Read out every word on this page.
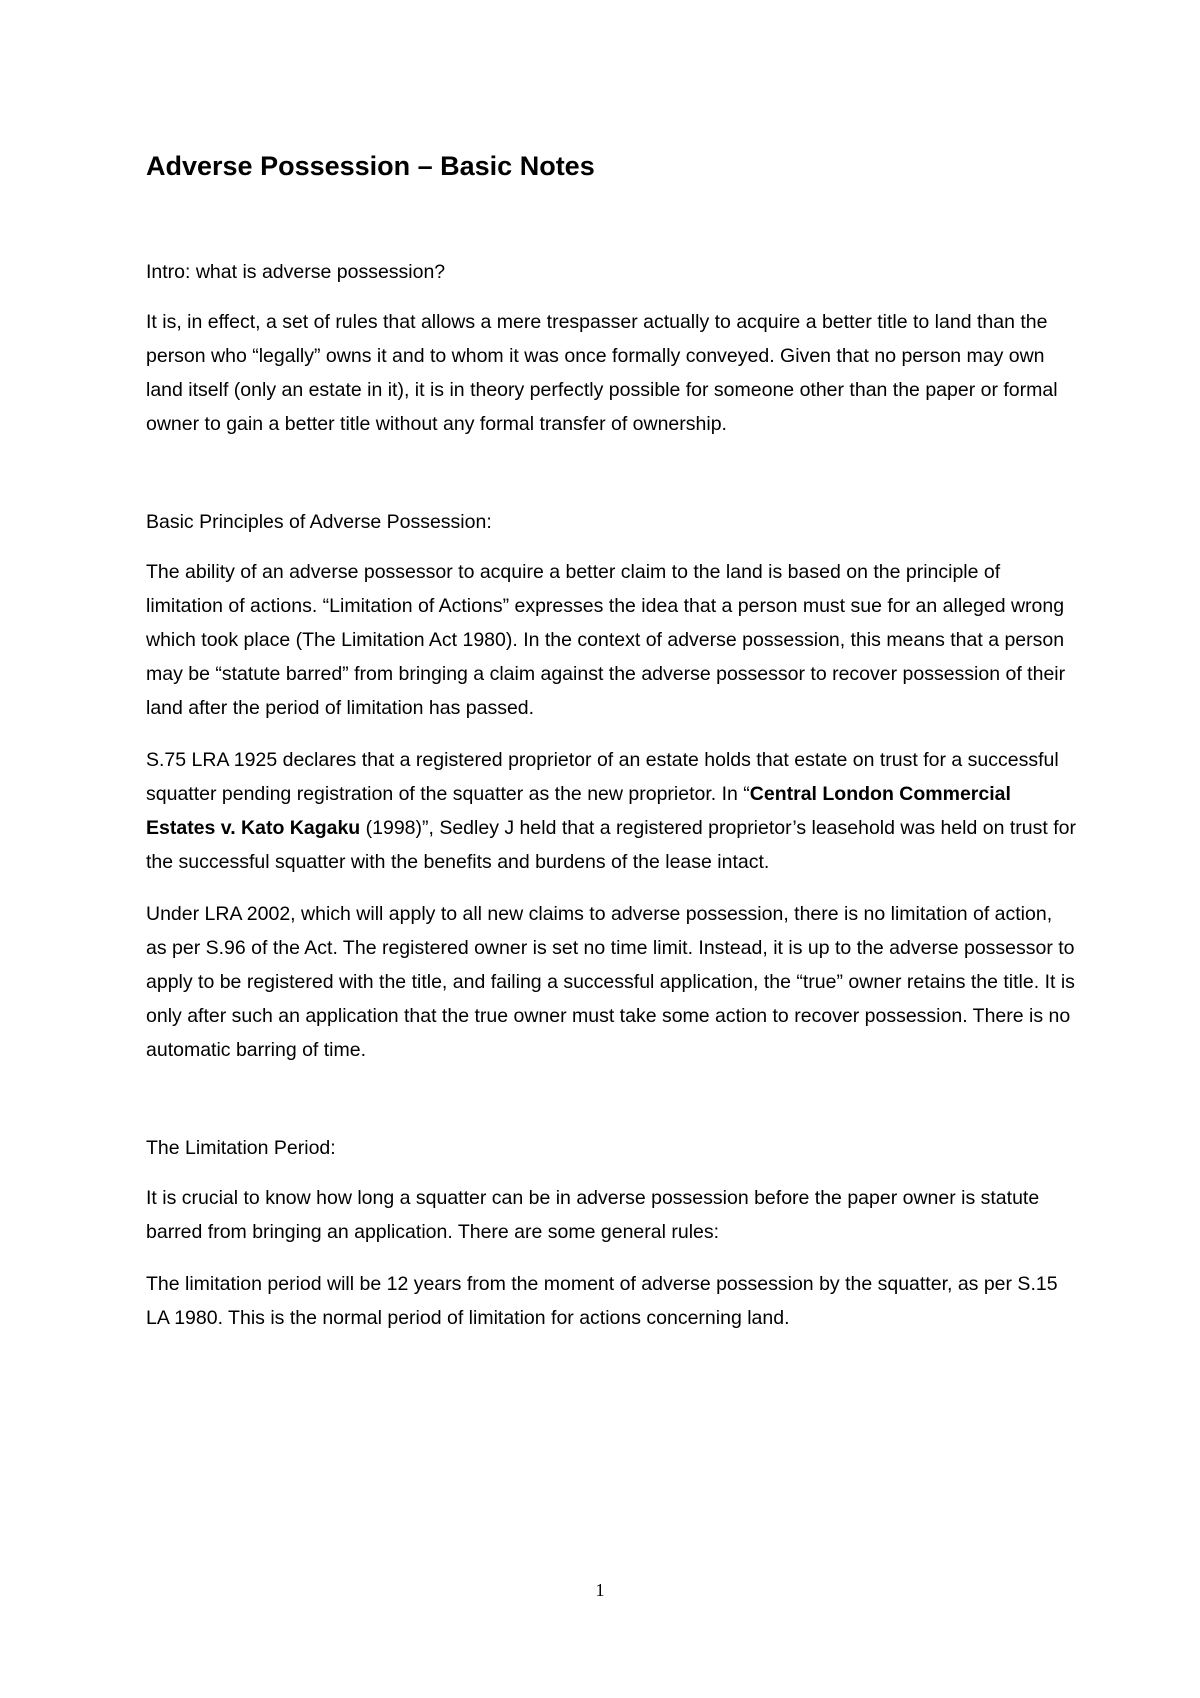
Adverse Possession – Basic Notes
Intro: what is adverse possession?
It is, in effect, a set of rules that allows a mere trespasser actually to acquire a better title to land than the person who “legally” owns it and to whom it was once formally conveyed. Given that no person may own land itself (only an estate in it), it is in theory perfectly possible for someone other than the paper or formal owner to gain a better title without any formal transfer of ownership.
Basic Principles of Adverse Possession:
The ability of an adverse possessor to acquire a better claim to the land is based on the principle of limitation of actions. “Limitation of Actions” expresses the idea that a person must sue for an alleged wrong which took place (The Limitation Act 1980). In the context of adverse possession, this means that a person may be “statute barred” from bringing a claim against the adverse possessor to recover possession of their land after the period of limitation has passed.
S.75 LRA 1925 declares that a registered proprietor of an estate holds that estate on trust for a successful squatter pending registration of the squatter as the new proprietor. In “Central London Commercial Estates v. Kato Kagaku (1998)”, Sedley J held that a registered proprietor’s leasehold was held on trust for the successful squatter with the benefits and burdens of the lease intact.
Under LRA 2002, which will apply to all new claims to adverse possession, there is no limitation of action, as per S.96 of the Act. The registered owner is set no time limit. Instead, it is up to the adverse possessor to apply to be registered with the title, and failing a successful application, the “true” owner retains the title. It is only after such an application that the true owner must take some action to recover possession. There is no automatic barring of time.
The Limitation Period:
It is crucial to know how long a squatter can be in adverse possession before the paper owner is statute barred from bringing an application. There are some general rules:
The limitation period will be 12 years from the moment of adverse possession by the squatter, as per S.15 LA 1980. This is the normal period of limitation for actions concerning land.
1
